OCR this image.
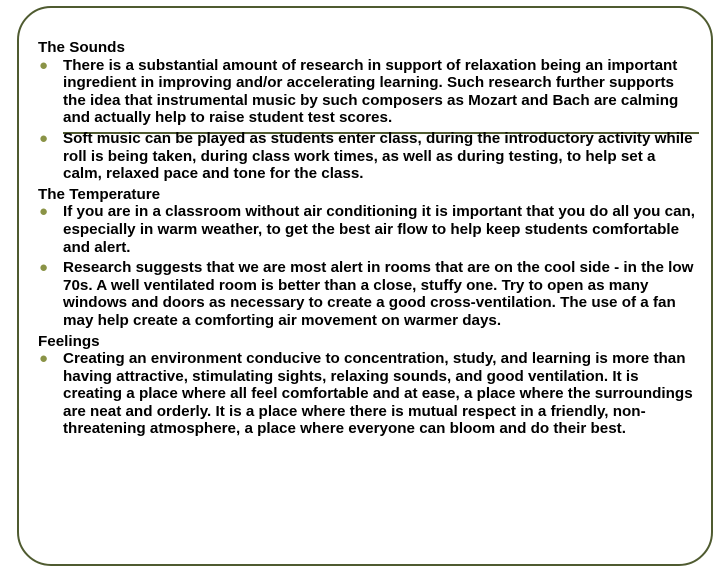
The Sounds

● There is a substantial amount of research in support of relaxation being an important ingredient in improving and/or accelerating learning. Such research further supports the idea that instrumental music by such composers as Mozart and Bach are calming and actually help to raise student test scores.
● Soft music can be played as students enter class, during the introductory activity while roll is being taken, during class work times, as well as during testing, to help set a calm, relaxed pace and tone for the class.

The Temperature

● If you are in a classroom without air conditioning it is important that you do all you can, especially in warm weather, to get the best air flow to help keep students comfortable and alert.
● Research suggests that we are most alert in rooms that are on the cool side - in the low 70s. A well ventilated room is better than a close, stuffy one. Try to open as many windows and doors as necessary to create a good cross-ventilation. The use of a fan may help create a comforting air movement on warmer days.

Feelings

● Creating an environment conducive to concentration, study, and learning is more than having attractive, stimulating sights, relaxing sounds, and good ventilation. It is creating a place where all feel comfortable and at ease, a place where the surroundings are neat and orderly. It is a place where there is mutual respect in a friendly, non-threatening atmosphere, a place where everyone can bloom and do their best.
